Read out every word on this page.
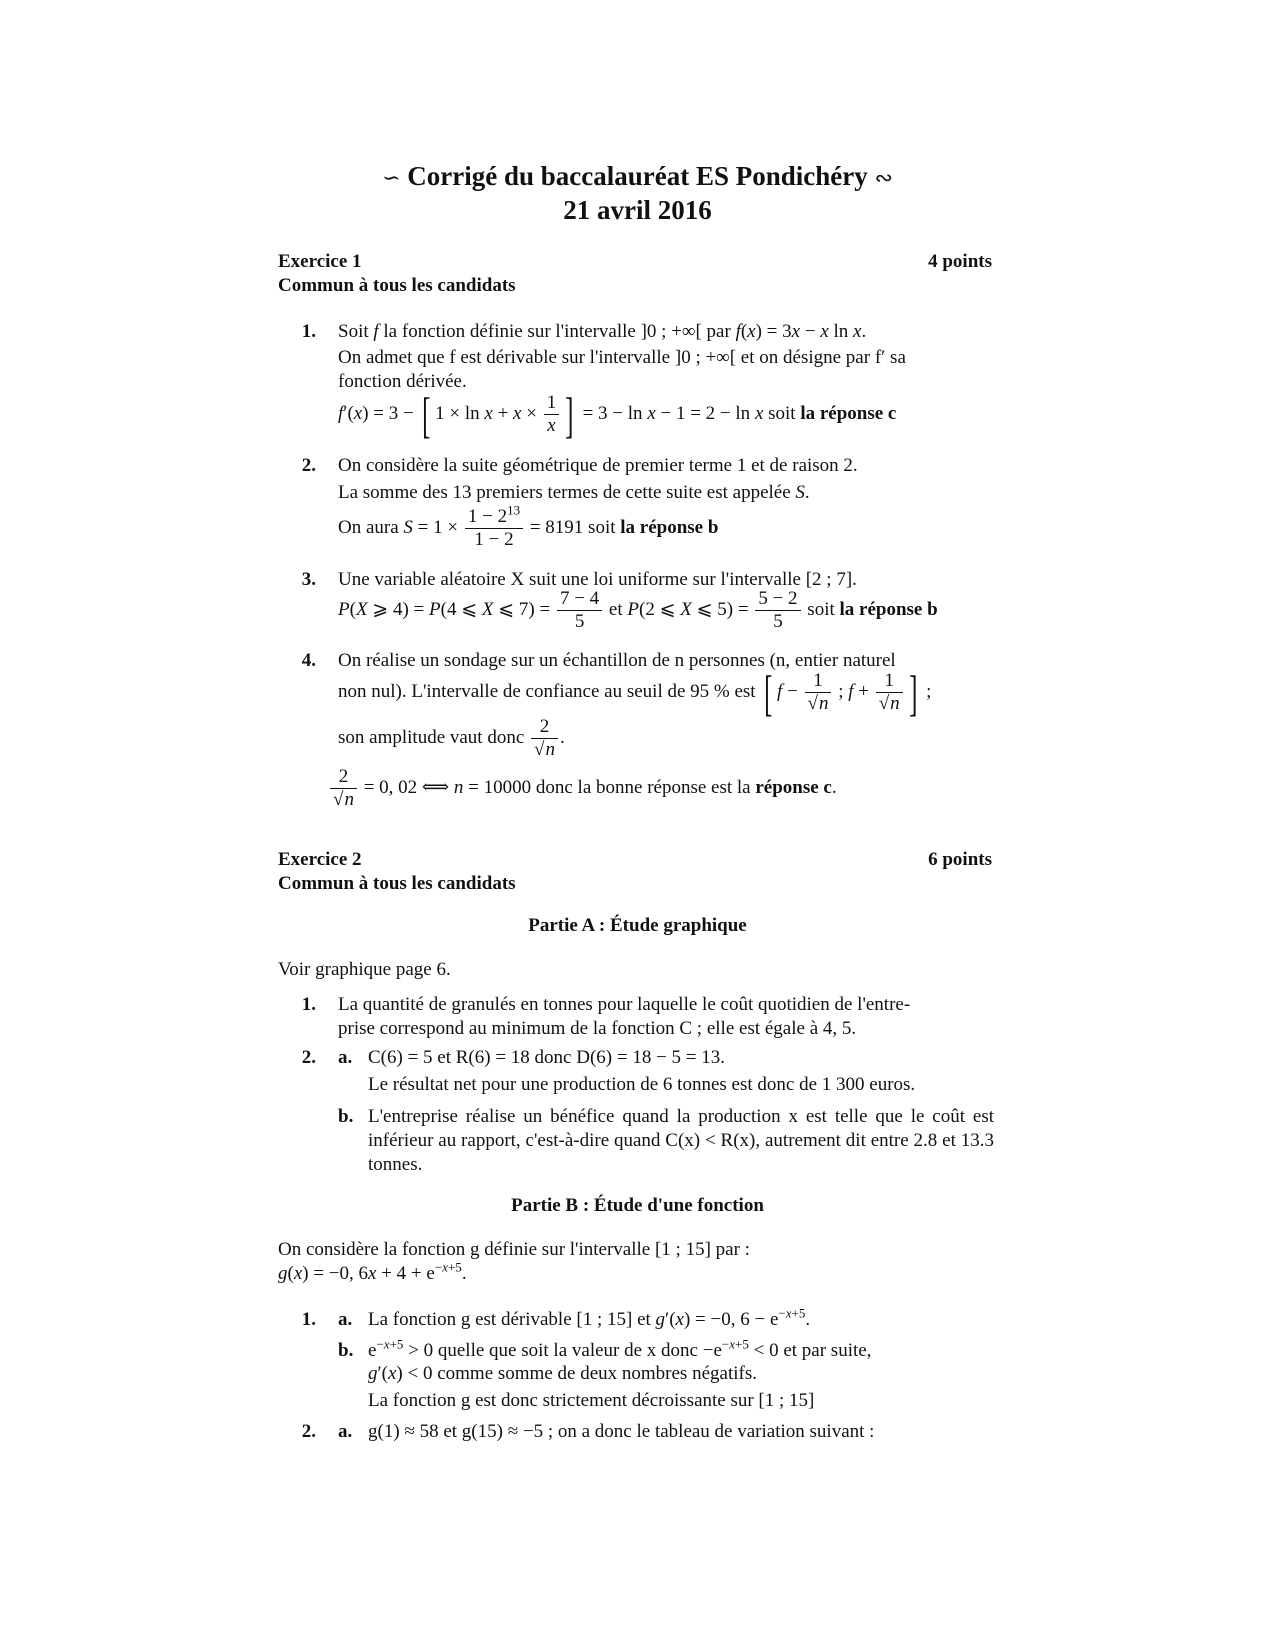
∽ Corrigé du baccalauréat ES Pondichéry ∾
21 avril 2016
Exercice 1	4 points
Commun à tous les candidats
1. Soit f la fonction définie sur l'intervalle ]0 ; +∞[ par f(x) = 3x − x ln x.
On admet que f est dérivable sur l'intervalle ]0 ; +∞[ et on désigne par f′ sa
fonction dérivée.
f′(x) = 3 − [ $1 \times \ln x + x \times \frac{1}{x}$ ] = 3 − ln x − 1 = 2 − ln x soit la réponse c
2. On considère la suite géométrique de premier terme 1 et de raison 2.
La somme des 13 premiers termes de cette suite est appelée S.
On aura $S = 1 \times \frac{1 - 2^{13}}{1 - 2} = 8191$ soit la réponse b
3. Une variable aléatoire X suit une loi uniforme sur l'intervalle [2 ; 7].
P(X ⩾ 4) = P(4 ⩽ X ⩽ $7) = \frac{7 - 4}{5}$ et P(2 ⩽ X ⩽ $5) = \frac{5 - 2}{5}$ soit la réponse b
4. On réalise un sondage sur un échantillon de n personnes (n, entier naturel
non nul). L'intervalle de confiance au seuil de 95 % est [ $f - \frac{1}{√n}$ ; $f + \frac{1}{√n}$ ] ;
son amplitude vaut donc $\frac{2}{√n}$ .
$\frac{2}{√n} = 0$, 02 ⟺ n = 10000 donc la bonne réponse est la réponse c.
Exercice 2	6 points
Commun à tous les candidats
Partie A : Étude graphique
Voir graphique page 6.
1. La quantité de granulés en tonnes pour laquelle le coût quotidien de l'entre-
prise correspond au minimum de la fonction C ; elle est égale à 4, 5.
2. a. C(6) = 5 et R(6) = 18 donc D(6) = 18 − 5 = 13.
Le résultat net pour une production de 6 tonnes est donc de 1 300 euros.
b. L'entreprise réalise un bénéfice quand la production x est telle que le coût est inférieur au rapport, c'est-à-dire quand C(x) < R(x), autrement dit entre 2.8 et 13.3 tonnes.
Partie B : Étude d'une fonction
On considère la fonction g définie sur l'intervalle [1 ; 15] par :
g(x) = −0, $6x + 4 + e^{-x+5}$.
1. a. La fonction g est dérivable [1 ; 15] et g′(x) = −0, $6 - e^{-x+5}$.
b. $e^{-x+5} > 0$ quelle que soit la valeur de x donc $-e^{-x+5} < 0$ et par suite,
g′(x) < 0 comme somme de deux nombres négatifs.
La fonction g est donc strictement décroissante sur [1 ; 15]
2. a. g(1) ≈ 58 et g(15) ≈ −5 ; on a donc le tableau de variation suivant :
